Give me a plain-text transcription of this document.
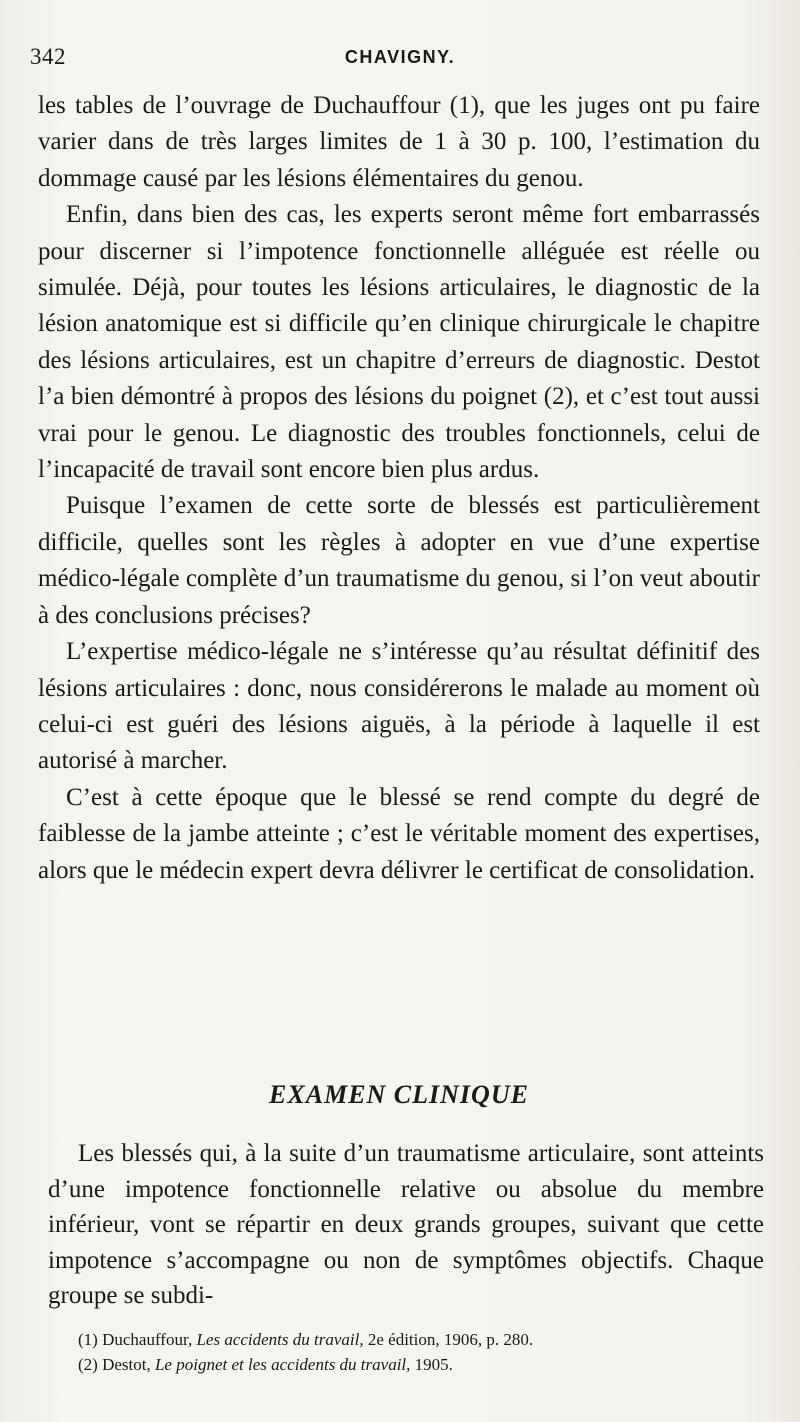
342	CHAVIGNY.

les tables de l’ouvrage de Duchauffour (1), que les juges ont pu faire varier dans de très larges limites de 1 à 30 p. 100, l’estimation du dommage causé par les lésions élémentaires du genou.

Enfin, dans bien des cas, les experts seront même fort embarrassés pour discerner si l’impotence fonctionnelle alléguée est réelle ou simulée. Déjà, pour toutes les lésions articulaires, le diagnostic de la lésion anatomique est si difficile qu’en clinique chirurgicale le chapitre des lésions articulaires, est un chapitre d’erreurs de diagnostic. Destot l’a bien démontré à propos des lésions du poignet (2), et c’est tout aussi vrai pour le genou. Le diagnostic des troubles fonctionnels, celui de l’incapacité de travail sont encore bien plus ardus.

Puisque l’examen de cette sorte de blessés est particulièrement difficile, quelles sont les règles à adopter en vue d’une expertise médico-légale complète d’un traumatisme du genou, si l’on veut aboutir à des conclusions précises?

L’expertise médico-légale ne s’intéresse qu’au résultat définitif des lésions articulaires : donc, nous considérerons le malade au moment où celui-ci est guéri des lésions aiguës, à la période à laquelle il est autorisé à marcher.

C’est à cette époque que le blessé se rend compte du degré de faiblesse de la jambe atteinte ; c’est le véritable moment des expertises, alors que le médecin expert devra délivrer le certificat de consolidation.

EXAMEN CLINIQUE

Les blessés qui, à la suite d’un traumatisme articulaire, sont atteints d’une impotence fonctionnelle relative ou absolue du membre inférieur, vont se répartir en deux grands groupes, suivant que cette impotence s’accompagne ou non de symptômes objectifs. Chaque groupe se subdi-

(1) Duchauffour, Les accidents du travail, 2e édition, 1906, p. 280.
(2) Destot, Le poignet et les accidents du travail, 1905.
